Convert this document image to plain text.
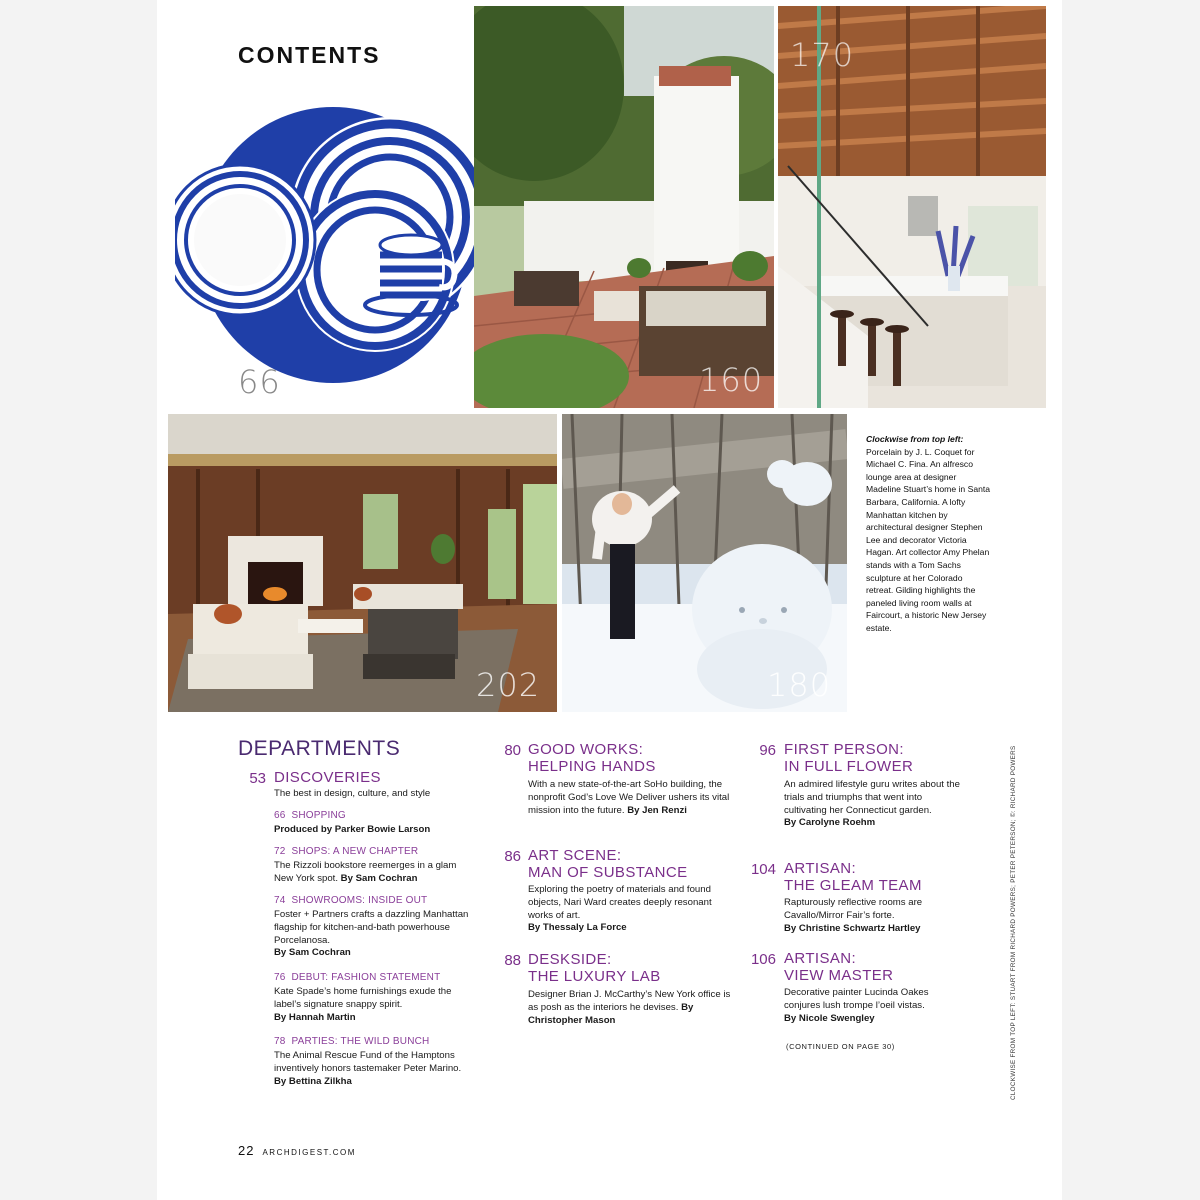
CONTENTS
66	160
170
202	180
Clockwise from top left: Porcelain by J. L. Coquet for Michael C. Fina. An alfresco lounge area at designer Madeline Stuart’s home in Santa Barbara, California. A lofty Manhattan kitchen by architectural designer Stephen Lee and decorator Victoria Hagan. Art collector Amy Phelan stands with a Tom Sachs sculpture at her Colorado retreat. Gilding highlights the paneled living room walls at Faircourt, a historic New Jersey estate.
CLOCKWISE FROM TOP LEFT: STUART FROM RICHARD POWERS; PETER PETERSON; ©: RICHARD POWERS
DEPARTMENTS
53 DISCOVERIES
The best in design, culture, and style
66 SHOPPING
Produced by Parker Bowie Larson
72 SHOPS: A NEW CHAPTER
The Rizzoli bookstore reemerges in a glam New York spot. By Sam Cochran
74 SHOWROOMS: INSIDE OUT
Foster + Partners crafts a dazzling Manhattan flagship for kitchen-and-bath powerhouse Porcelanosa.
By Sam Cochran
76 DEBUT: FASHION STATEMENT
Kate Spade’s home furnishings exude the label’s signature snappy spirit.
By Hannah Martin
78 PARTIES: THE WILD BUNCH
The Animal Rescue Fund of the Hamptons inventively honors tastemaker Peter Marino. By Bettina Zilkha
80 GOOD WORKS:
HELPING HANDS
With a new state-of-the-art SoHo building, the nonprofit God’s Love We Deliver ushers its vital mission into the future. By Jen Renzi
86 ART SCENE:
MAN OF SUBSTANCE
Exploring the poetry of materials and found objects, Nari Ward creates deeply resonant works of art.
By Thessaly La Force
88 DESKSIDE:
THE LUXURY LAB
Designer Brian J. McCarthy’s New York office is as posh as the interiors he devises. By Christopher Mason
96 FIRST PERSON:
IN FULL FLOWER
An admired lifestyle guru writes about the trials and triumphs that went into cultivating her Connecticut garden.
By Carolyne Roehm
104 ARTISAN:
THE GLEAM TEAM
Rapturously reflective rooms are Cavallo/Mirror Fair’s forte.
By Christine Schwartz Hartley
106 ARTISAN:
VIEW MASTER
Decorative painter Lucinda Oakes conjures lush trompe l’oeil vistas.
By Nicole Swengley
(CONTINUED ON PAGE 30)
22 ARCHDIGEST.COM
